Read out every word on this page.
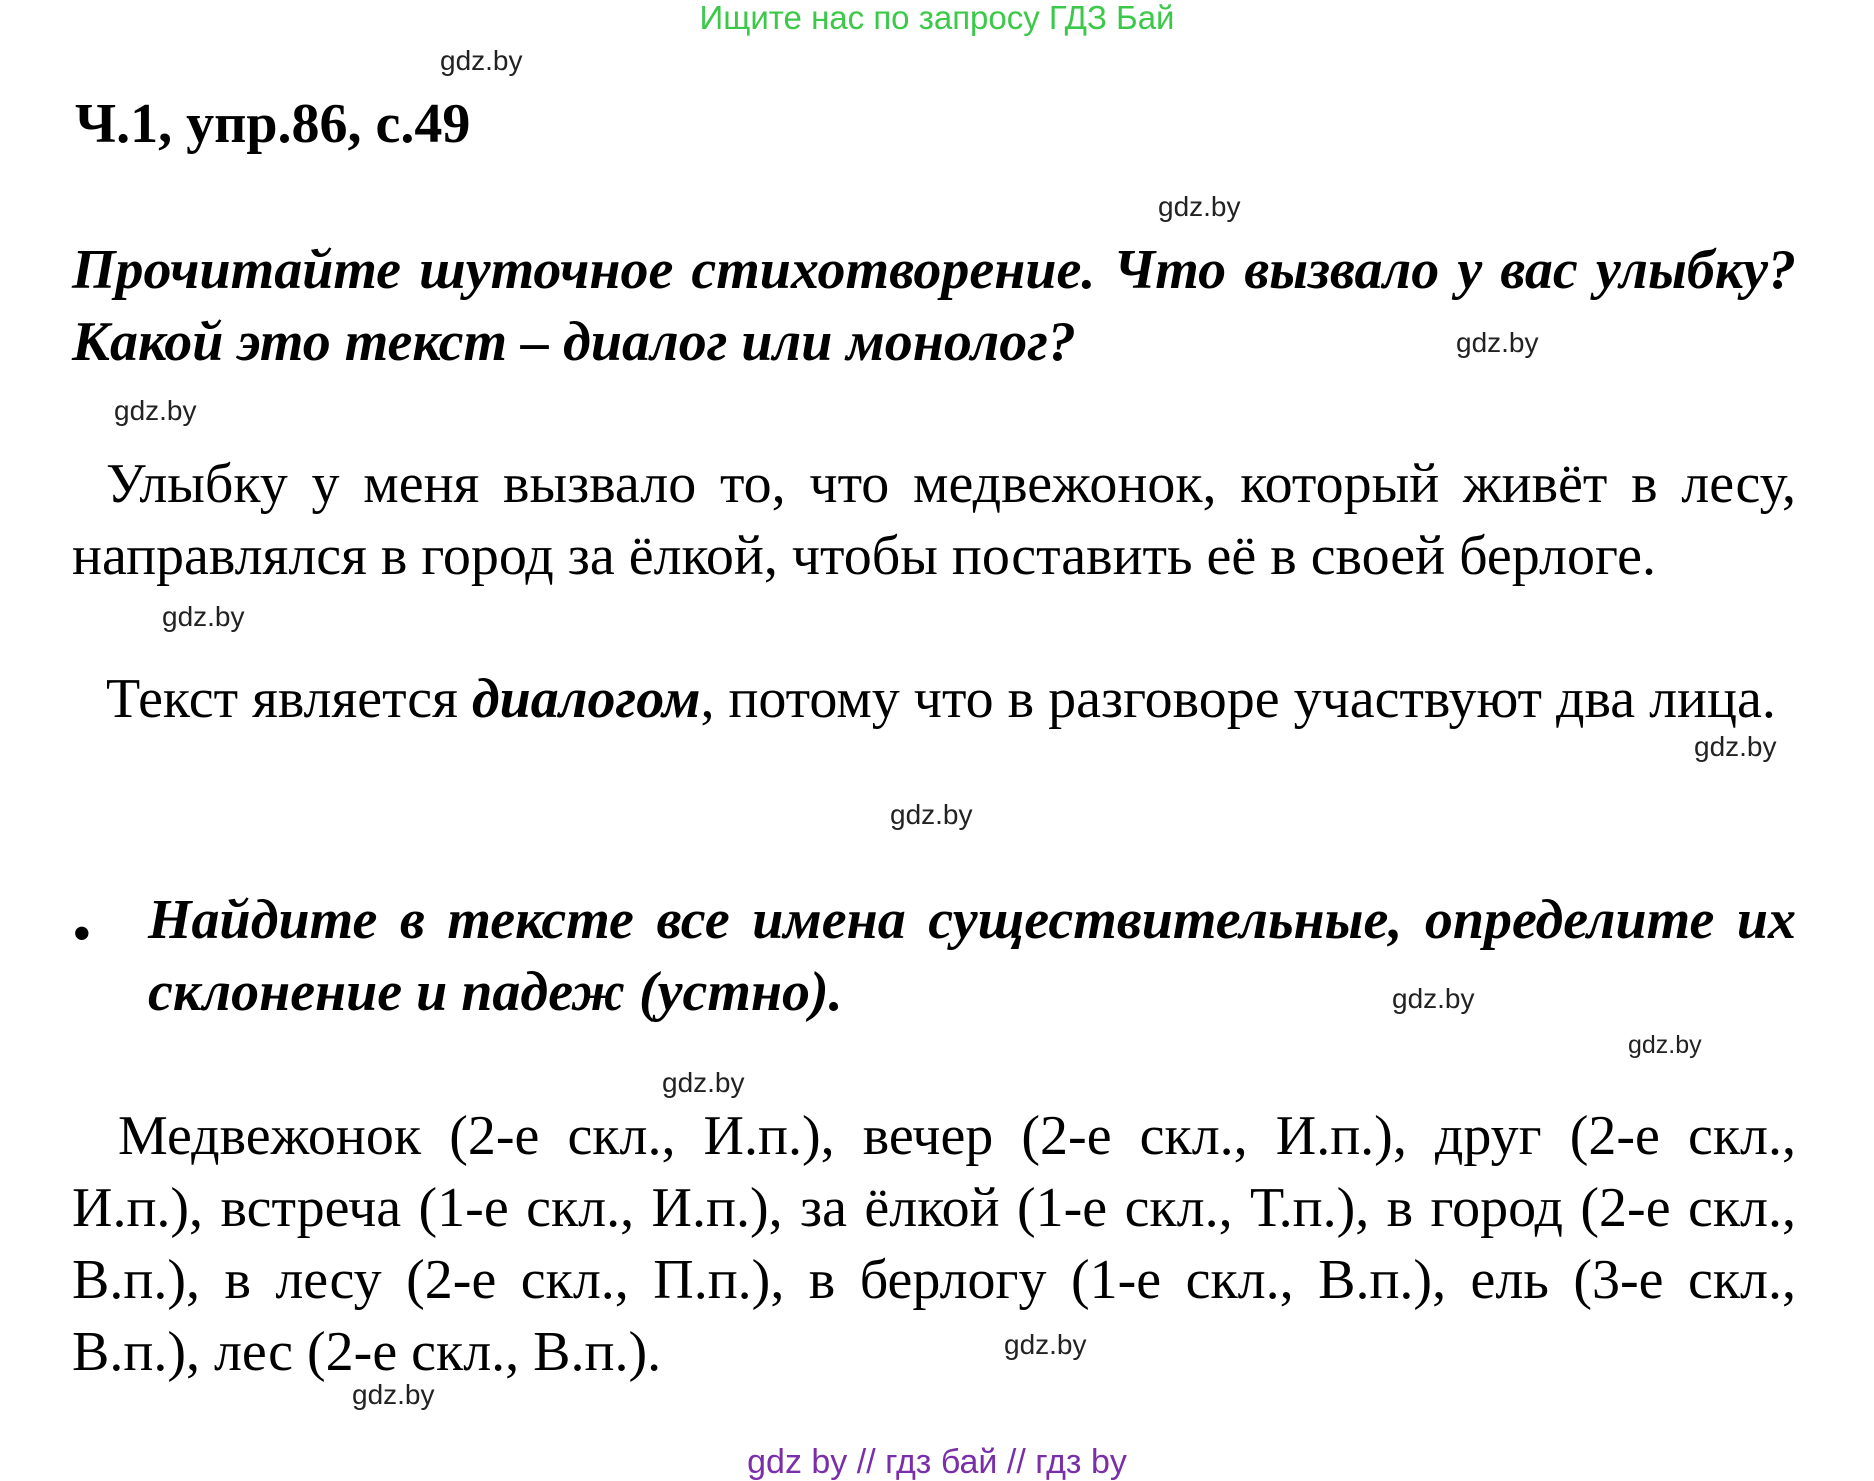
Ищите нас по запросу ГДЗ Бай
gdz.by
gdz.by
gdz.by
gdz.by
gdz.by
gdz.by
gdz.by
gdz.by
gdz.by
gdz.by
gdz.by
gdz.by
Ч.1, упр.86, с.49

Прочитайте шуточное стихотворение. Что вызвало у вас улыбку? Какой это текст – диалог или монолог?

Улыбку у меня вызвало то, что медвежонок, который живёт в лесу, направлялся в город за ёлкой, чтобы поставить её в своей берлоге.

Текст является диалогом, потому что в разговоре участвуют два лица.

• Найдите в тексте все имена существительные, определите их склонение и падеж (устно).

Медвежонок (2-е скл., И.п.), вечер (2-е скл., И.п.), друг (2-е скл., И.п.), встреча (1-е скл., И.п.), за ёлкой (1-е скл., Т.п.), в город (2-е скл., В.п.), в лесу (2-е скл., П.п.), в берлогу (1-е скл., В.п.), ель (3-е скл., В.п.), лес (2-е скл., В.п.).

gdz by // гдз бай // гдз by
